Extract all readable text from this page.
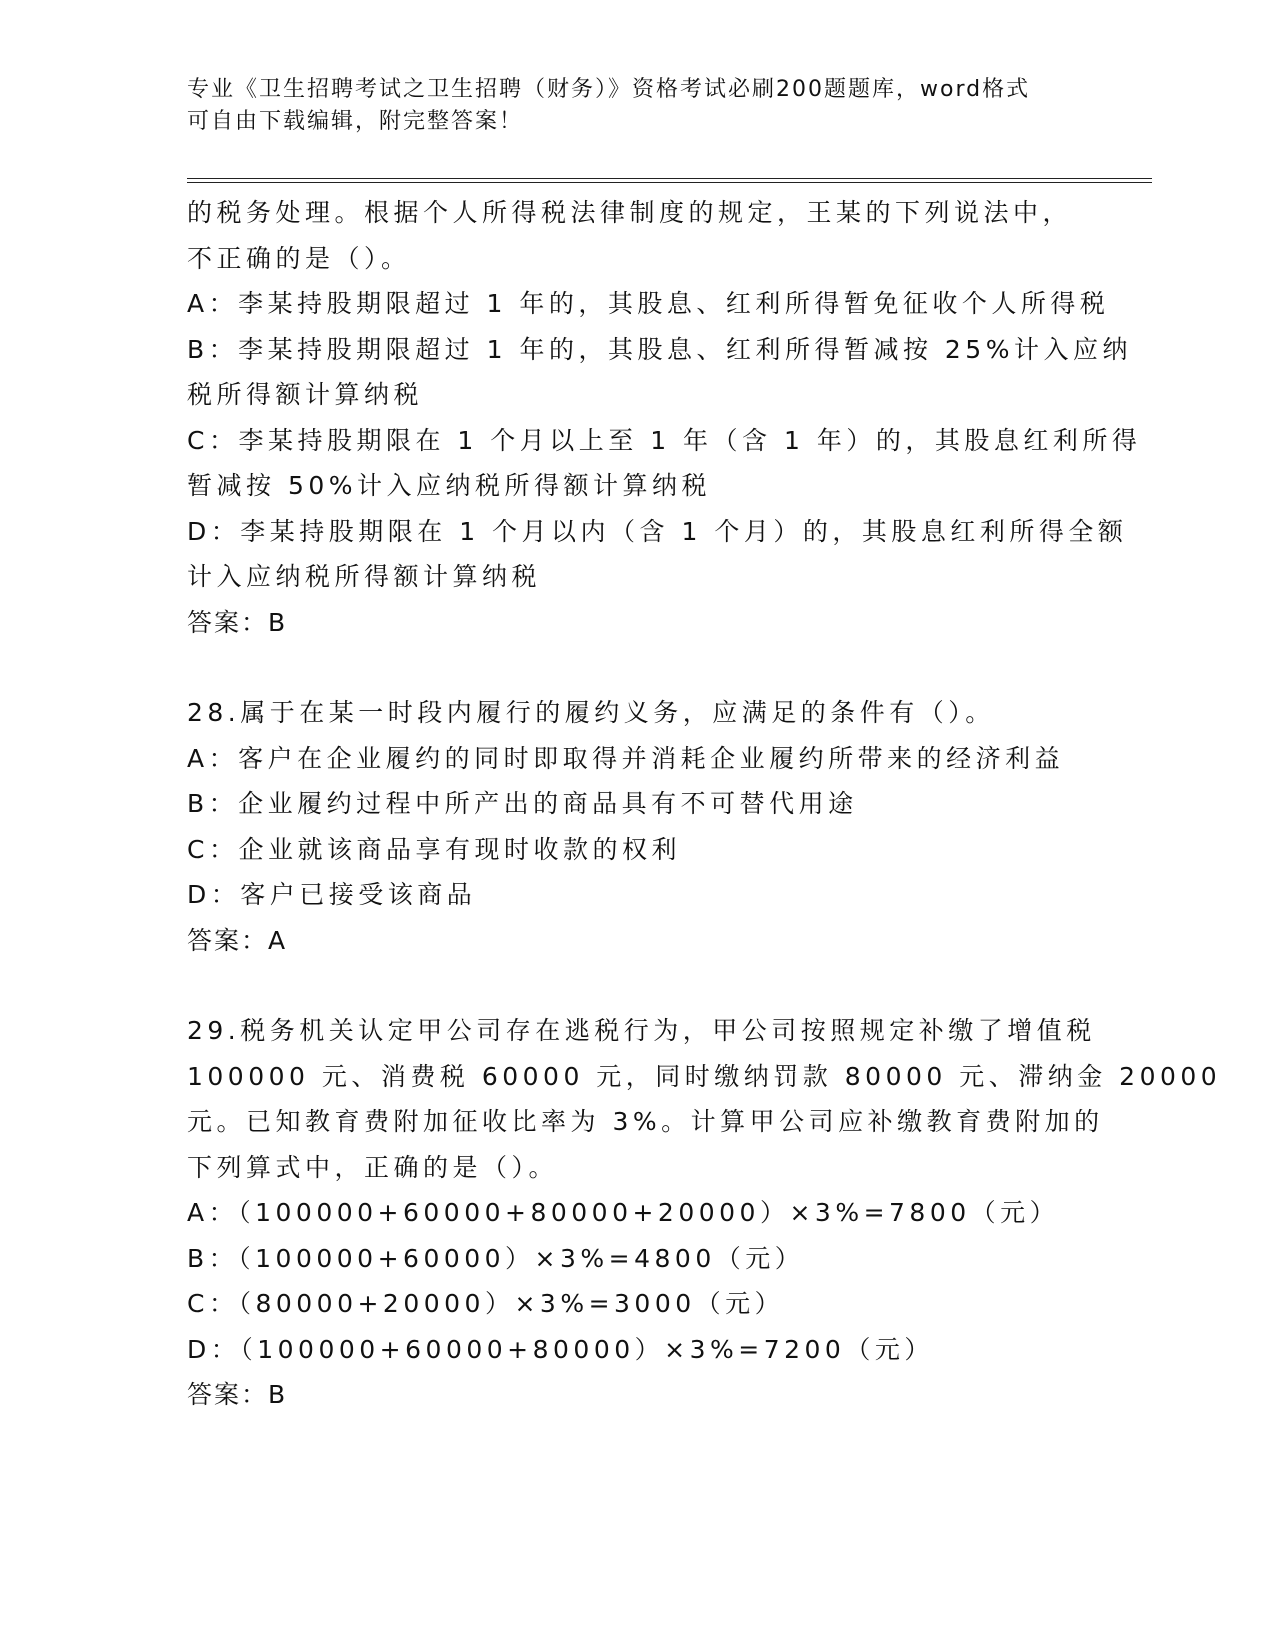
专业《卫生招聘考试之卫生招聘（财务）》资格考试必刷200题题库，word格式
可自由下载编辑，附完整答案！
的税务处理。根据个人所得税法律制度的规定，王某的下列说法中，
不正确的是（）。
A：李某持股期限超过 1 年的，其股息、红利所得暂免征收个人所得税
B：李某持股期限超过 1 年的，其股息、红利所得暂减按 25%计入应纳
税所得额计算纳税
C：李某持股期限在 1 个月以上至 1 年（含 1 年）的，其股息红利所得
暂减按 50%计入应纳税所得额计算纳税
D：李某持股期限在 1 个月以内（含 1 个月）的，其股息红利所得全额
计入应纳税所得额计算纳税
答案：B
28.属于在某一时段内履行的履约义务，应满足的条件有（）。
A：客户在企业履约的同时即取得并消耗企业履约所带来的经济利益
B：企业履约过程中所产出的商品具有不可替代用途
C：企业就该商品享有现时收款的权利
D：客户已接受该商品
答案：A
29.税务机关认定甲公司存在逃税行为，甲公司按照规定补缴了增值税
100000 元、消费税 60000 元，同时缴纳罚款 80000 元、滞纳金 20000
元。已知教育费附加征收比率为 3%。计算甲公司应补缴教育费附加的
下列算式中，正确的是（）。
A：（100000+60000+80000+20000）×3%=7800（元）
B：（100000+60000）×3%=4800（元）
C：（80000+20000）×3%=3000（元）
D：（100000+60000+80000）×3%=7200（元）
答案：B
